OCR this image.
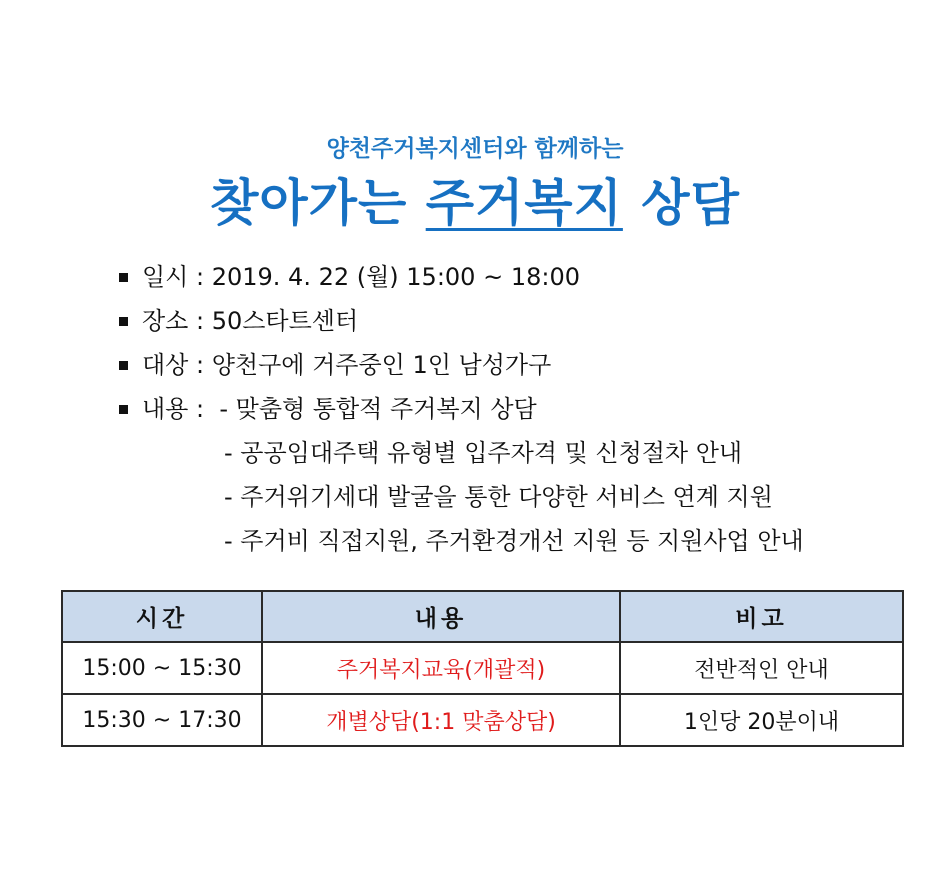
양천주거복지센터와 함께하는
찾아가는 주거복지 상담
일시 : 2019. 4. 22 (월) 15:00 ~ 18:00
장소 : 50스타트센터
대상 : 양천구에 거주중인 1인 남성가구
내용 :  - 맞춤형 통합적 주거복지 상담
- 공공임대주택 유형별 입주자격 및 신청절차 안내
- 주거위기세대 발굴을 통한 다양한 서비스 연계 지원
- 주거비 직접지원, 주거환경개선 지원 등 지원사업 안내
시간	내용	비고
15:00 ~ 15:30	주거복지교육(개괄적)	전반적인 안내
15:30 ~ 17:30	개별상담(1:1 맞춤상담)	1인당 20분이내
